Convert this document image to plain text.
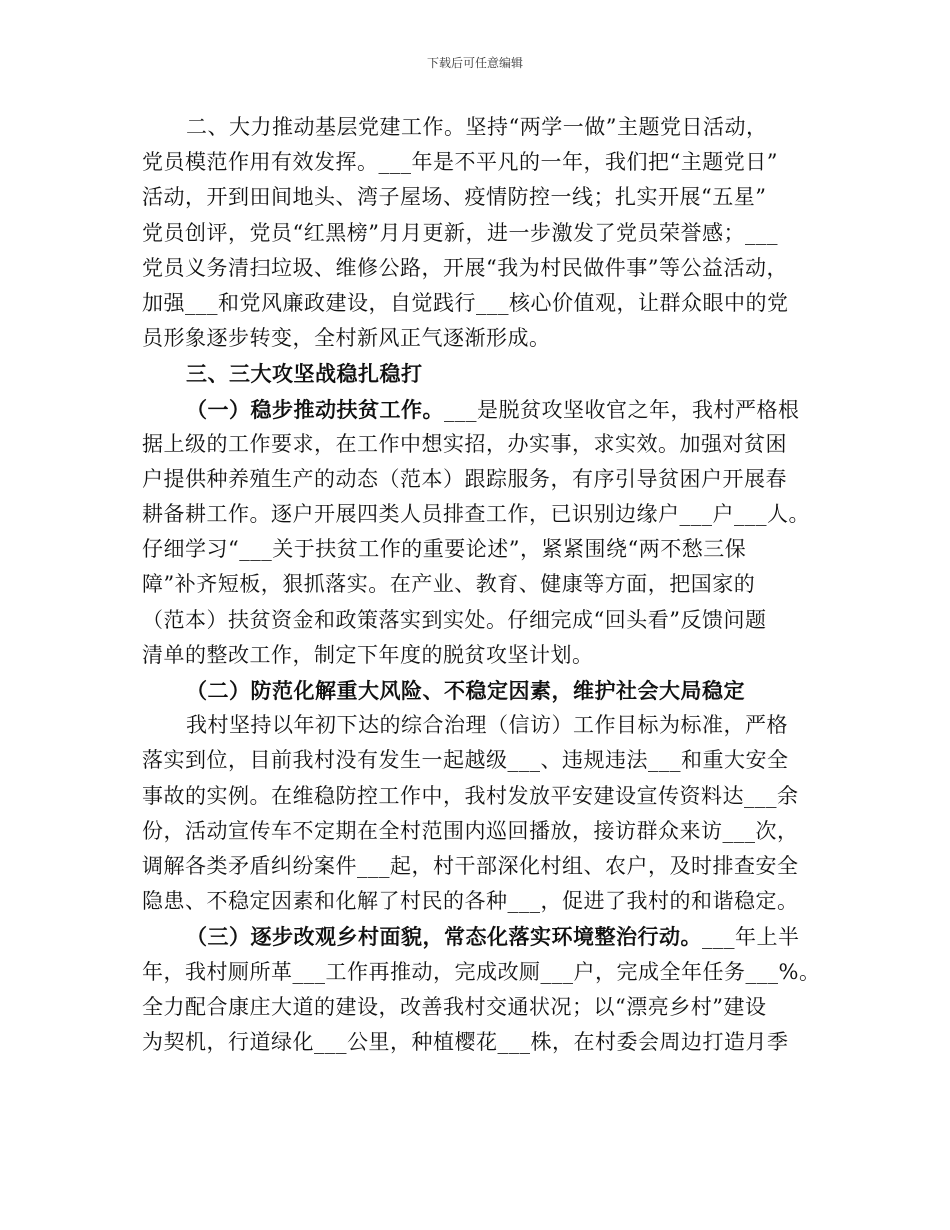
下载后可任意编辑
二、大力推动基层党建工作。坚持“两学一做”主题党日活动，
党员模范作用有效发挥。___年是不平凡的一年，我们把“主题党日”
活动，开到田间地头、湾子屋场、疫情防控一线；扎实开展“五星”
党员创评，党员“红黑榜”月月更新，进一步激发了党员荣誉感；___
党员义务清扫垃圾、维修公路，开展“我为村民做件事”等公益活动，
加强___和党风廉政建设，自觉践行___核心价值观，让群众眼中的党
员形象逐步转变，全村新风正气逐渐形成。
三、三大攻坚战稳扎稳打
（一）稳步推动扶贫工作。___是脱贫攻坚收官之年，我村严格根
据上级的工作要求，在工作中想实招，办实事，求实效。加强对贫困
户提供种养殖生产的动态（范本）跟踪服务，有序引导贫困户开展春
耕备耕工作。逐户开展四类人员排查工作，已识别边缘户___户___人。
仔细学习“___关于扶贫工作的重要论述”，紧紧围绕“两不愁三保
障”补齐短板，狠抓落实。在产业、教育、健康等方面，把国家的
（范本）扶贫资金和政策落实到实处。仔细完成“回头看”反馈问题
清单的整改工作，制定下年度的脱贫攻坚计划。
（二）防范化解重大风险、不稳定因素，维护社会大局稳定
我村坚持以年初下达的综合治理（信访）工作目标为标准，严格
落实到位，目前我村没有发生一起越级___、违规违法___和重大安全
事故的实例。在维稳防控工作中，我村发放平安建设宣传资料达___余
份，活动宣传车不定期在全村范围内巡回播放，接访群众来访___次，
调解各类矛盾纠纷案件___起，村干部深化村组、农户，及时排查安全
隐患、不稳定因素和化解了村民的各种___，促进了我村的和谐稳定。
（三）逐步改观乡村面貌，常态化落实环境整治行动。___年上半
年，我村厕所革___工作再推动，完成改厕___户，完成全年任务___%。
全力配合康庄大道的建设，改善我村交通状况；以“漂亮乡村”建设
为契机，行道绿化___公里，种植樱花___株，在村委会周边打造月季
